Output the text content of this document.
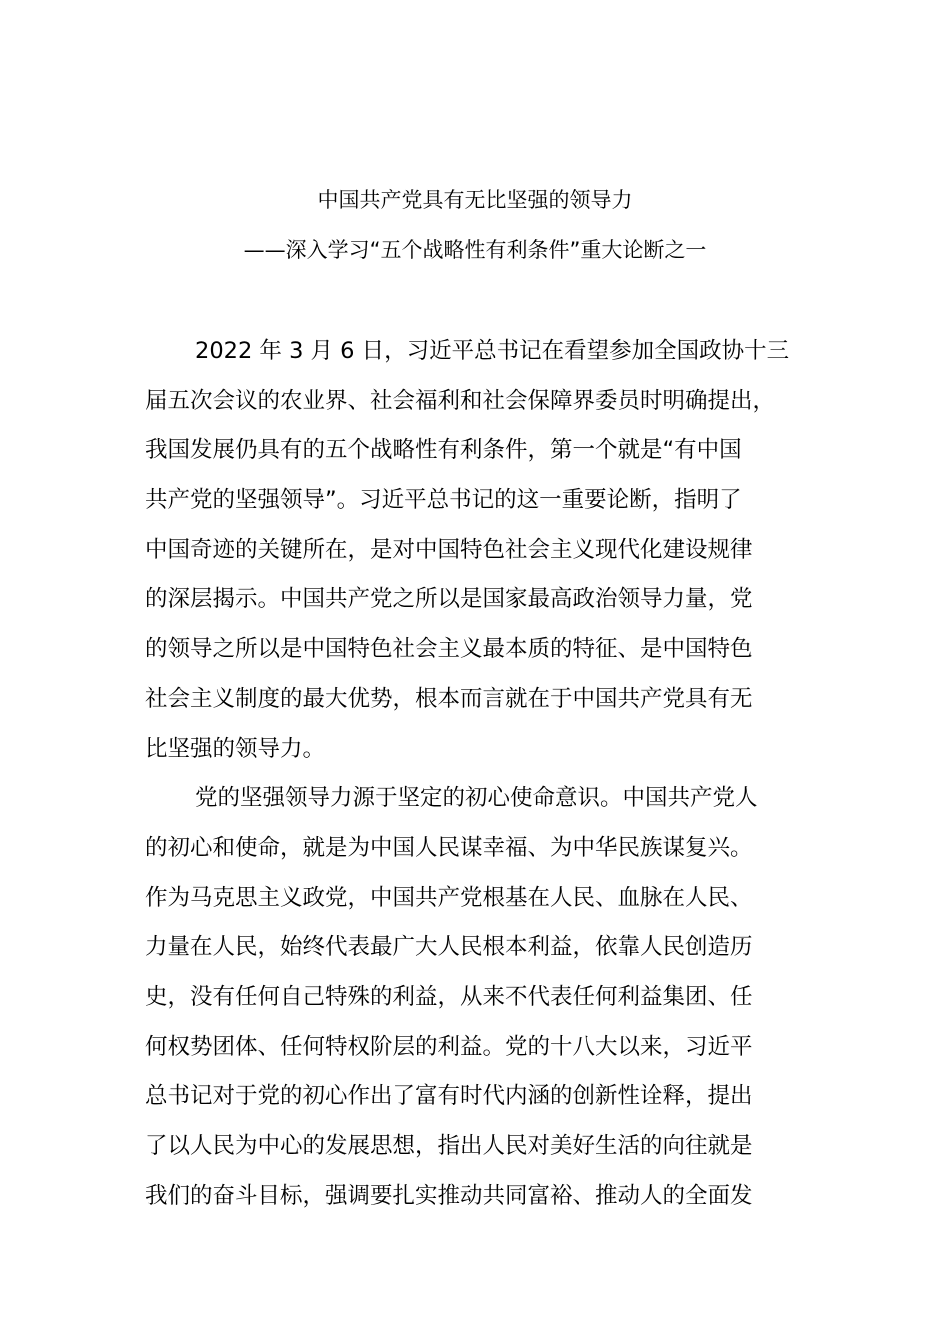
中国共产党具有无比坚强的领导力
——深入学习“五个战略性有利条件”重大论断之一
2022 年 3 月 6 日，习近平总书记在看望参加全国政协十三
届五次会议的农业界、社会福利和社会保障界委员时明确提出，
我国发展仍具有的五个战略性有利条件，第一个就是“有中国
共产党的坚强领导”。习近平总书记的这一重要论断，指明了
中国奇迹的关键所在，是对中国特色社会主义现代化建设规律
的深层揭示。中国共产党之所以是国家最高政治领导力量，党
的领导之所以是中国特色社会主义最本质的特征、是中国特色
社会主义制度的最大优势，根本而言就在于中国共产党具有无
比坚强的领导力。
党的坚强领导力源于坚定的初心使命意识。中国共产党人
的初心和使命，就是为中国人民谋幸福、为中华民族谋复兴。
作为马克思主义政党，中国共产党根基在人民、血脉在人民、
力量在人民，始终代表最广大人民根本利益，依靠人民创造历
史，没有任何自己特殊的利益，从来不代表任何利益集团、任
何权势团体、任何特权阶层的利益。党的十八大以来，习近平
总书记对于党的初心作出了富有时代内涵的创新性诠释，提出
了以人民为中心的发展思想，指出人民对美好生活的向往就是
我们的奋斗目标，强调要扎实推动共同富裕、推动人的全面发
